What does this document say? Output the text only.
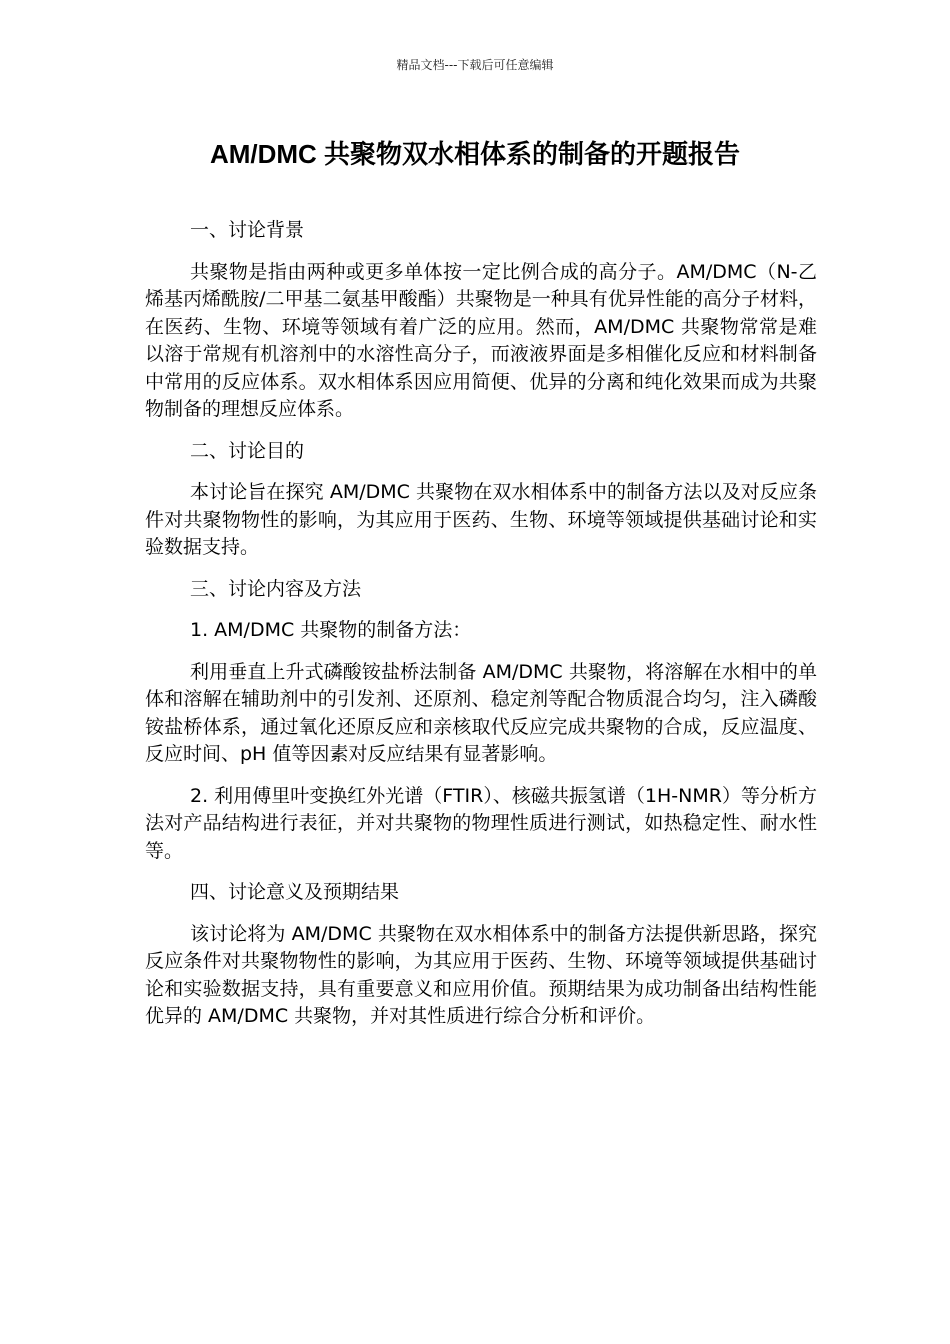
精品文档---下载后可任意编辑
AM/DMC 共聚物双水相体系的制备的开题报告

一、讨论背景

共聚物是指由两种或更多单体按一定比例合成的高分子。AM/DMC（N-乙烯基丙烯酰胺/二甲基二氨基甲酸酯）共聚物是一种具有优异性能的高分子材料，在医药、生物、环境等领域有着广泛的应用。然而，AM/DMC 共聚物常常是难以溶于常规有机溶剂中的水溶性高分子，而液液界面是多相催化反应和材料制备中常用的反应体系。双水相体系因应用简便、优异的分离和纯化效果而成为共聚物制备的理想反应体系。

二、讨论目的

本讨论旨在探究 AM/DMC 共聚物在双水相体系中的制备方法以及对反应条件对共聚物物性的影响，为其应用于医药、生物、环境等领域提供基础讨论和实验数据支持。

三、讨论内容及方法

1. AM/DMC 共聚物的制备方法：

利用垂直上升式磷酸铵盐桥法制备 AM/DMC 共聚物，将溶解在水相中的单体和溶解在辅助剂中的引发剂、还原剂、稳定剂等配合物质混合均匀，注入磷酸铵盐桥体系，通过氧化还原反应和亲核取代反应完成共聚物的合成，反应温度、反应时间、pH 值等因素对反应结果有显著影响。

2. 利用傅里叶变换红外光谱（FTIR）、核磁共振氢谱（1H-NMR）等分析方法对产品结构进行表征，并对共聚物的物理性质进行测试，如热稳定性、耐水性等。

四、讨论意义及预期结果

该讨论将为 AM/DMC 共聚物在双水相体系中的制备方法提供新思路，探究反应条件对共聚物物性的影响，为其应用于医药、生物、环境等领域提供基础讨论和实验数据支持，具有重要意义和应用价值。预期结果为成功制备出结构性能优异的 AM/DMC 共聚物，并对其性质进行综合分析和评价。
